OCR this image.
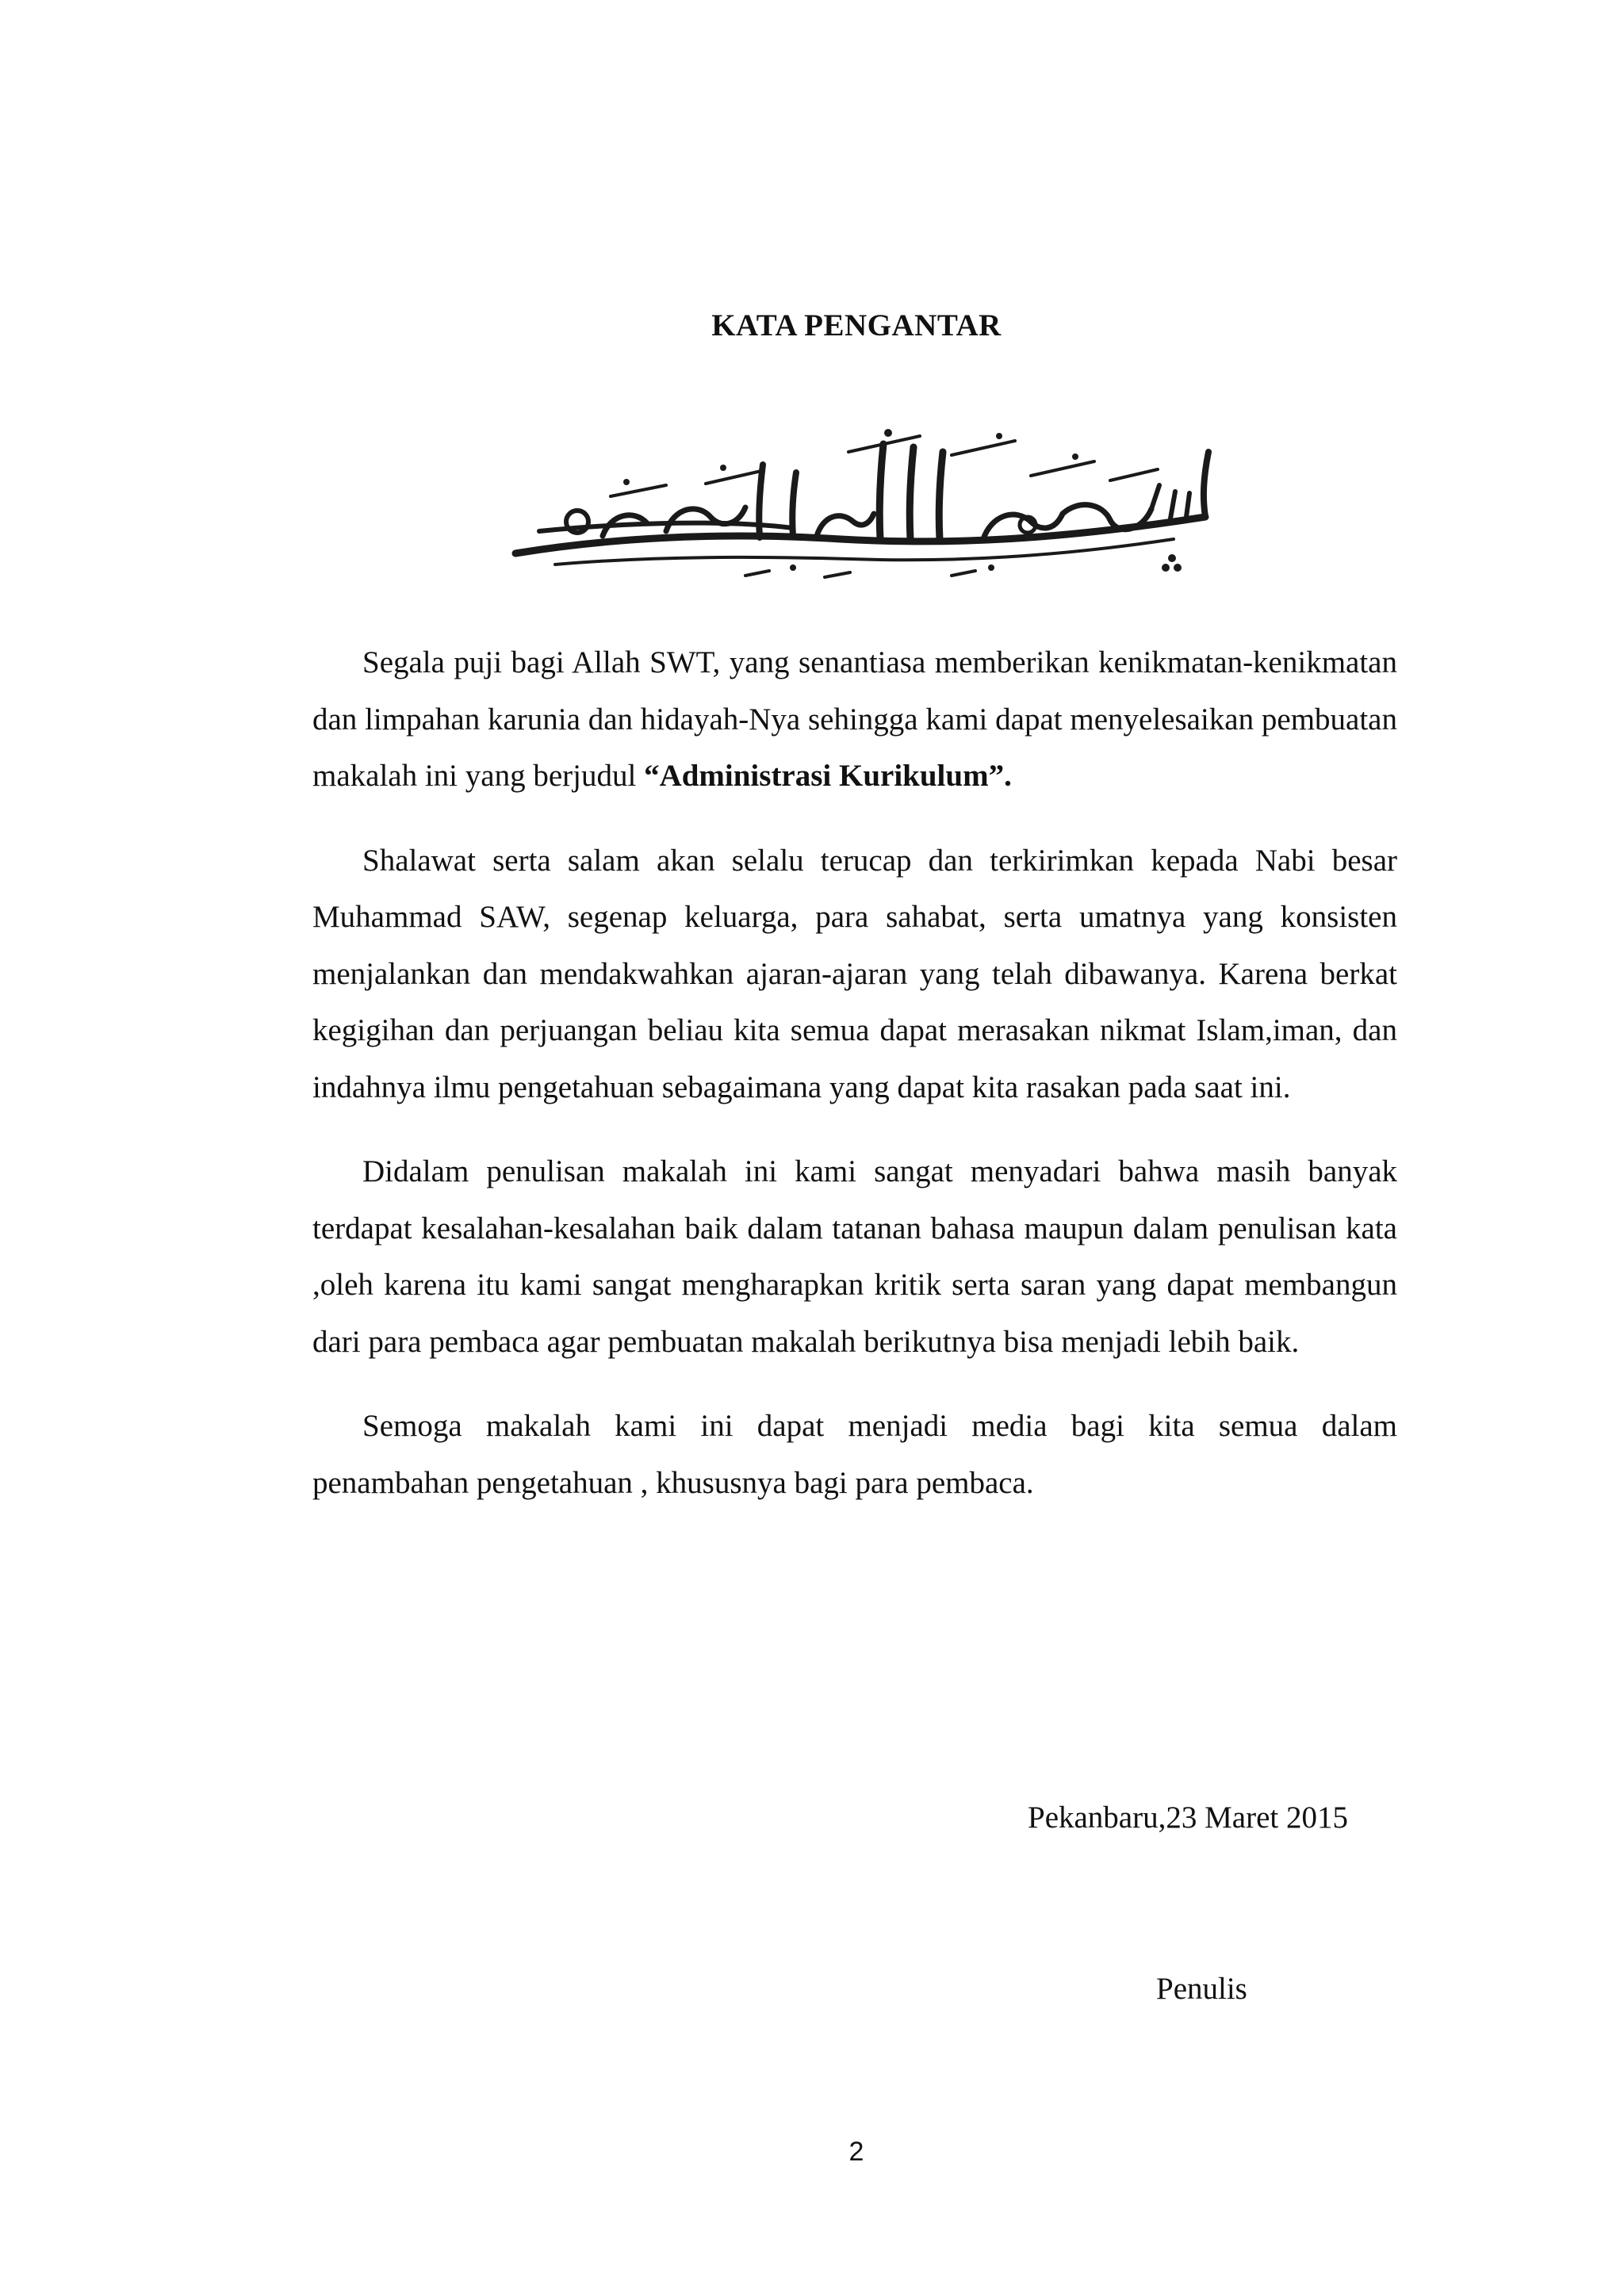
KATA PENGANTAR

Segala puji bagi Allah SWT, yang senantiasa memberikan kenikmatan-kenikmatan dan limpahan karunia dan hidayah-Nya sehingga kami dapat menyelesaikan pembuatan makalah ini yang berjudul “Administrasi Kurikulum”.

Shalawat serta salam akan selalu terucap dan terkirimkan kepada Nabi besar Muhammad SAW, segenap keluarga, para sahabat, serta umatnya yang konsisten menjalankan dan mendakwahkan ajaran-ajaran yang telah dibawanya. Karena berkat kegigihan dan perjuangan beliau kita semua dapat merasakan nikmat Islam,iman, dan indahnya ilmu pengetahuan sebagaimana yang dapat kita rasakan pada saat ini.

Didalam penulisan makalah ini kami sangat menyadari bahwa masih banyak terdapat kesalahan-kesalahan baik dalam tatanan bahasa maupun dalam penulisan kata ,oleh karena itu kami sangat mengharapkan kritik serta saran yang dapat membangun dari para pembaca agar pembuatan makalah berikutnya bisa menjadi lebih baik.

Semoga makalah kami ini dapat menjadi media bagi kita semua dalam penambahan pengetahuan , khususnya bagi para pembaca.

Pekanbaru,23 Maret 2015
Penulis
2
